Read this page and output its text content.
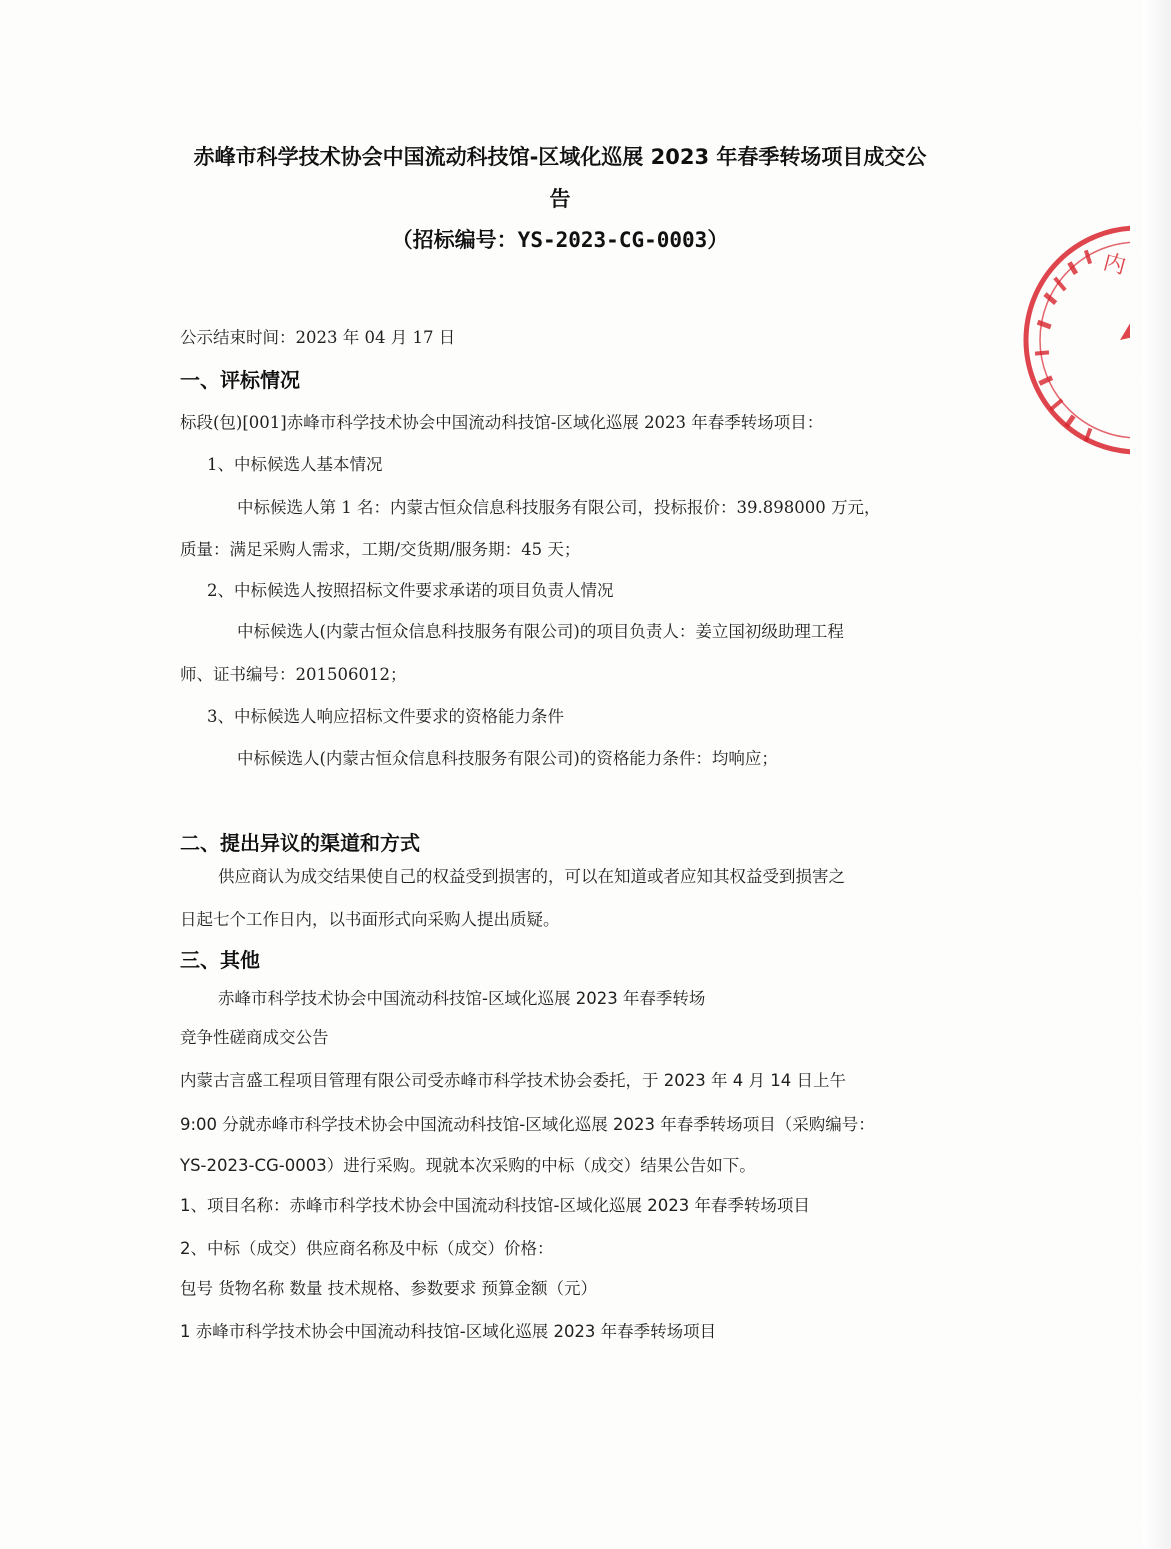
赤峰市科学技术协会中国流动科技馆-区域化巡展 2023 年春季转场项目成交公
告
（招标编号：YS-2023-CG-0003）
公示结束时间：2023 年 04 月 17 日
一、评标情况
标段(包)[001]赤峰市科学技术协会中国流动科技馆-区域化巡展 2023 年春季转场项目：
1、中标候选人基本情况
中标候选人第 1 名：内蒙古恒众信息科技服务有限公司，投标报价：39.898000 万元，
质量：满足采购人需求，工期/交货期/服务期：45 天；
2、中标候选人按照招标文件要求承诺的项目负责人情况
中标候选人(内蒙古恒众信息科技服务有限公司)的项目负责人：姜立国初级助理工程
师、证书编号：201506012；
3、中标候选人响应招标文件要求的资格能力条件
中标候选人(内蒙古恒众信息科技服务有限公司)的资格能力条件：均响应；
二、提出异议的渠道和方式
供应商认为成交结果使自己的权益受到损害的，可以在知道或者应知其权益受到损害之
日起七个工作日内，以书面形式向采购人提出质疑。
三、其他
赤峰市科学技术协会中国流动科技馆-区域化巡展 2023 年春季转场
竞争性磋商成交公告
内蒙古言盛工程项目管理有限公司受赤峰市科学技术协会委托，于 2023 年 4 月 14 日上午
9:00 分就赤峰市科学技术协会中国流动科技馆-区域化巡展 2023 年春季转场项目（采购编号：
YS-2023-CG-0003）进行采购。现就本次采购的中标（成交）结果公告如下。
1、项目名称：赤峰市科学技术协会中国流动科技馆-区域化巡展 2023 年春季转场项目
2、中标（成交）供应商名称及中标（成交）价格：
包号 货物名称 数量 技术规格、参数要求 预算金额（元）
1 赤峰市科学技术协会中国流动科技馆-区域化巡展 2023 年春季转场项目
内
